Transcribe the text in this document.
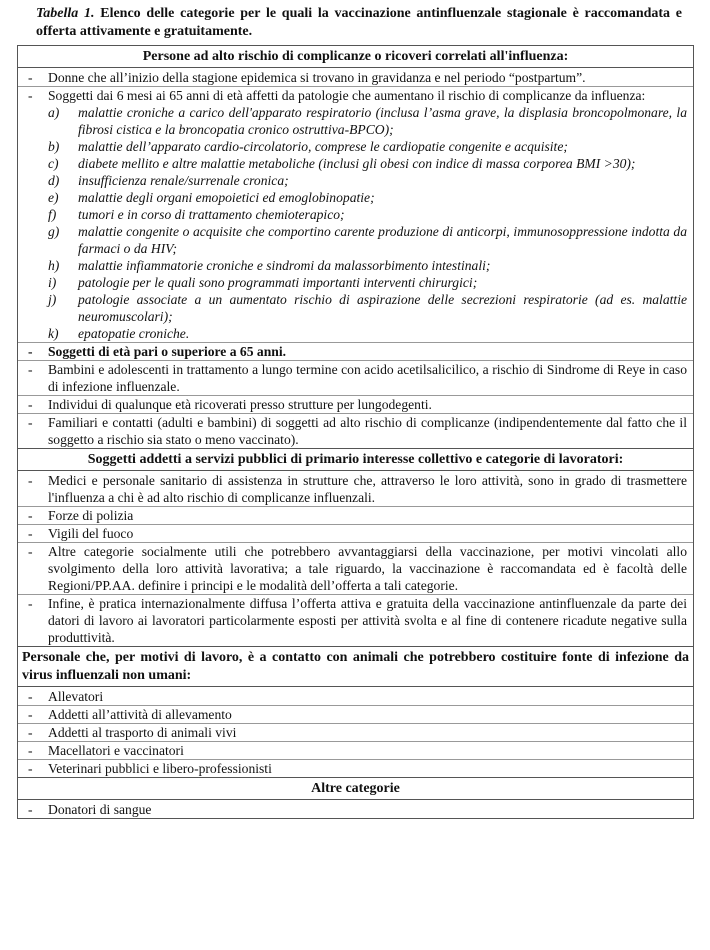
Tabella 1. Elenco delle categorie per le quali la vaccinazione antinfluenzale stagionale è raccomandata e offerta attivamente e gratuitamente.
Persone ad alto rischio di complicanze o ricoveri correlati all'influenza:
- Donne che all’inizio della stagione epidemica si trovano in gravidanza e nel periodo “postpartum”.
- Soggetti dai 6 mesi ai 65 anni di età affetti da patologie che aumentano il rischio di complicanze da influenza:
a) malattie croniche a carico dell'apparato respiratorio (inclusa l’asma grave, la displasia broncopolmonare, la fibrosi cistica e la broncopatia cronico ostruttiva-BPCO);
b) malattie dell’apparato cardio-circolatorio, comprese le cardiopatie congenite e acquisite;
c) diabete mellito e altre malattie metaboliche (inclusi gli obesi con indice di massa corporea BMI >30);
d) insufficienza renale/surrenale cronica;
e) malattie degli organi emopoietici ed emoglobinopatie;
f) tumori e in corso di trattamento chemioterapico;
g) malattie congenite o acquisite che comportino carente produzione di anticorpi, immunosoppressione indotta da farmaci o da HIV;
h) malattie infiammatorie croniche e sindromi da malassorbimento intestinali;
i) patologie per le quali sono programmati importanti interventi chirurgici;
j) patologie associate a un aumentato rischio di aspirazione delle secrezioni respiratorie (ad es. malattie neuromuscolari);
k) epatopatie croniche.
- Soggetti di età pari o superiore a 65 anni.
- Bambini e adolescenti in trattamento a lungo termine con acido acetilsalicilico, a rischio di Sindrome di Reye in caso di infezione influenzale.
- Individui di qualunque età ricoverati presso strutture per lungodegenti.
- Familiari e contatti (adulti e bambini) di soggetti ad alto rischio di complicanze (indipendentemente dal fatto che il soggetto a rischio sia stato o meno vaccinato).
Soggetti addetti a servizi pubblici di primario interesse collettivo e categorie di lavoratori:
- Medici e personale sanitario di assistenza in strutture che, attraverso le loro attività, sono in grado di trasmettere l'influenza a chi è ad alto rischio di complicanze influenzali.
- Forze di polizia
- Vigili del fuoco
- Altre categorie socialmente utili che potrebbero avvantaggiarsi della vaccinazione, per motivi vincolati allo svolgimento della loro attività lavorativa; a tale riguardo, la vaccinazione è raccomandata ed è facoltà delle Regioni/PP.AA. definire i principi e le modalità dell’offerta a tali categorie.
- Infine, è pratica internazionalmente diffusa l’offerta attiva e gratuita della vaccinazione antinfluenzale da parte dei datori di lavoro ai lavoratori particolarmente esposti per attività svolta e al fine di contenere ricadute negative sulla produttività.
Personale che, per motivi di lavoro, è a contatto con animali che potrebbero costituire fonte di infezione da virus influenzali non umani:
- Allevatori
- Addetti all’attività di allevamento
- Addetti al trasporto di animali vivi
- Macellatori e vaccinatori
- Veterinari pubblici e libero-professionisti
Altre categorie
- Donatori di sangue
